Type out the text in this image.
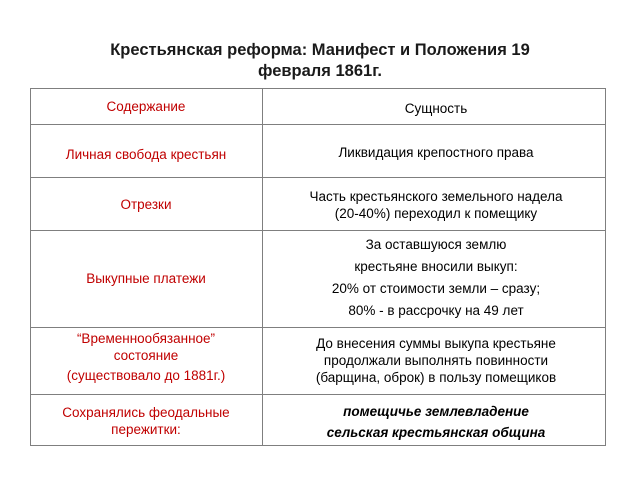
Крестьянская реформа: Манифест и Положения 19
февраля 1861г.
Содержание	Сущность
Личная свобода крестьян	Ликвидация крепостного права
Отрезки
Часть крестьянского земельного надела
(20-40%) переходил к помещику
Выкупные платежи
За оставшуюся землю
крестьяне вносили выкуп:
20% от стоимости земли – сразу;
80% - в рассрочку на 49 лет
“Временнообязанное”
состояние
(существовало до 1881г.)
До внесения суммы выкупа крестьяне
продолжали выполнять повинности
(барщина, оброк) в пользу помещиков
Сохранялись феодальные
пережитки:
помещичье землевладение
сельская крестьянская община
